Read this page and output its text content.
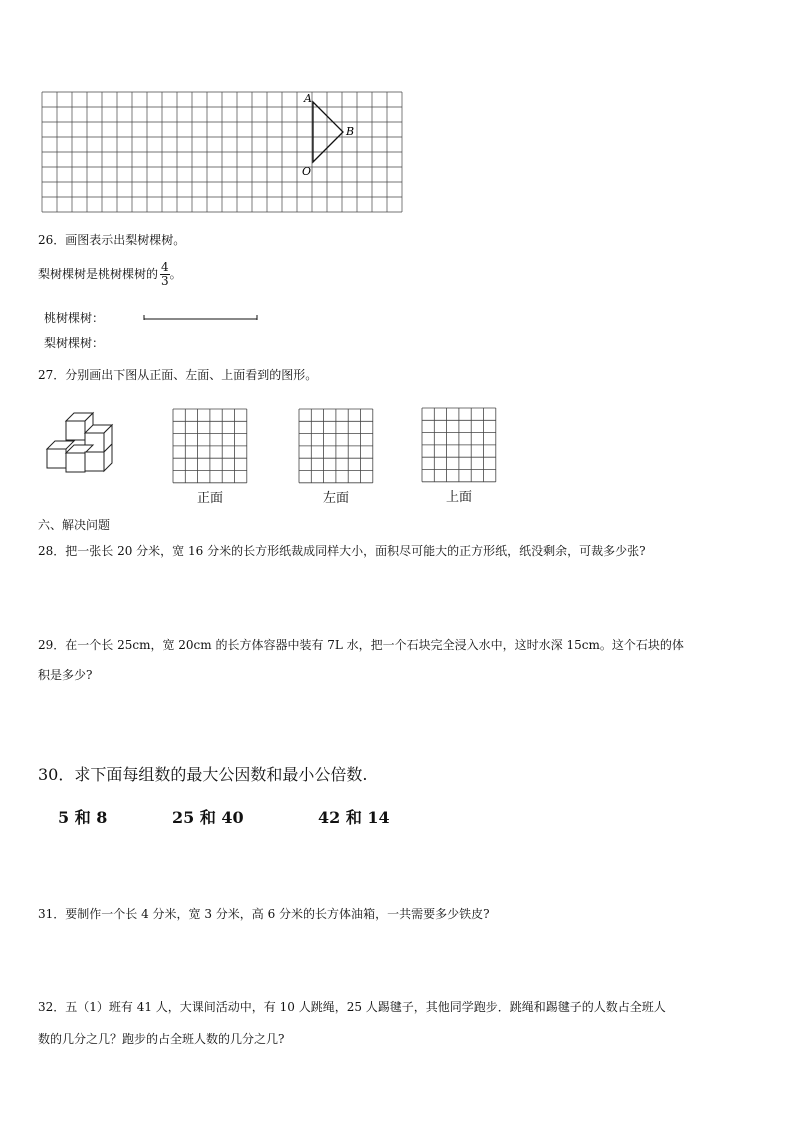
A
B
O
26．画图表示出梨树棵树。
梨树棵树是桃树棵树的 $\frac{4}{3}$ 。
桃树棵树：
梨树棵树：
27．分别画出下图从正面、左面、上面看到的图形。
正面	左面	上面
六、解决问题
28．把一张长 20 分米，宽 16 分米的长方形纸裁成同样大小，面积尽可能大的正方形纸，纸没剩余，可裁多少张?
29．在一个长 25cm，宽 20cm 的长方体容器中装有 7L 水，把一个石块完全浸入水中，这时水深 15cm。这个石块的体
积是多少?
30．求下面每组数的最大公因数和最小公倍数.
5 和 8	25 和 40	42 和 14
31．要制作一个长 4 分米，宽 3 分米，高 6 分米的长方体油箱，一共需要多少铁皮?
32．五（1）班有 41 人，大课间活动中，有 10 人跳绳，25 人踢毽子，其他同学跑步．跳绳和踢毽子的人数占全班人
数的几分之几？跑步的占全班人数的几分之几?
